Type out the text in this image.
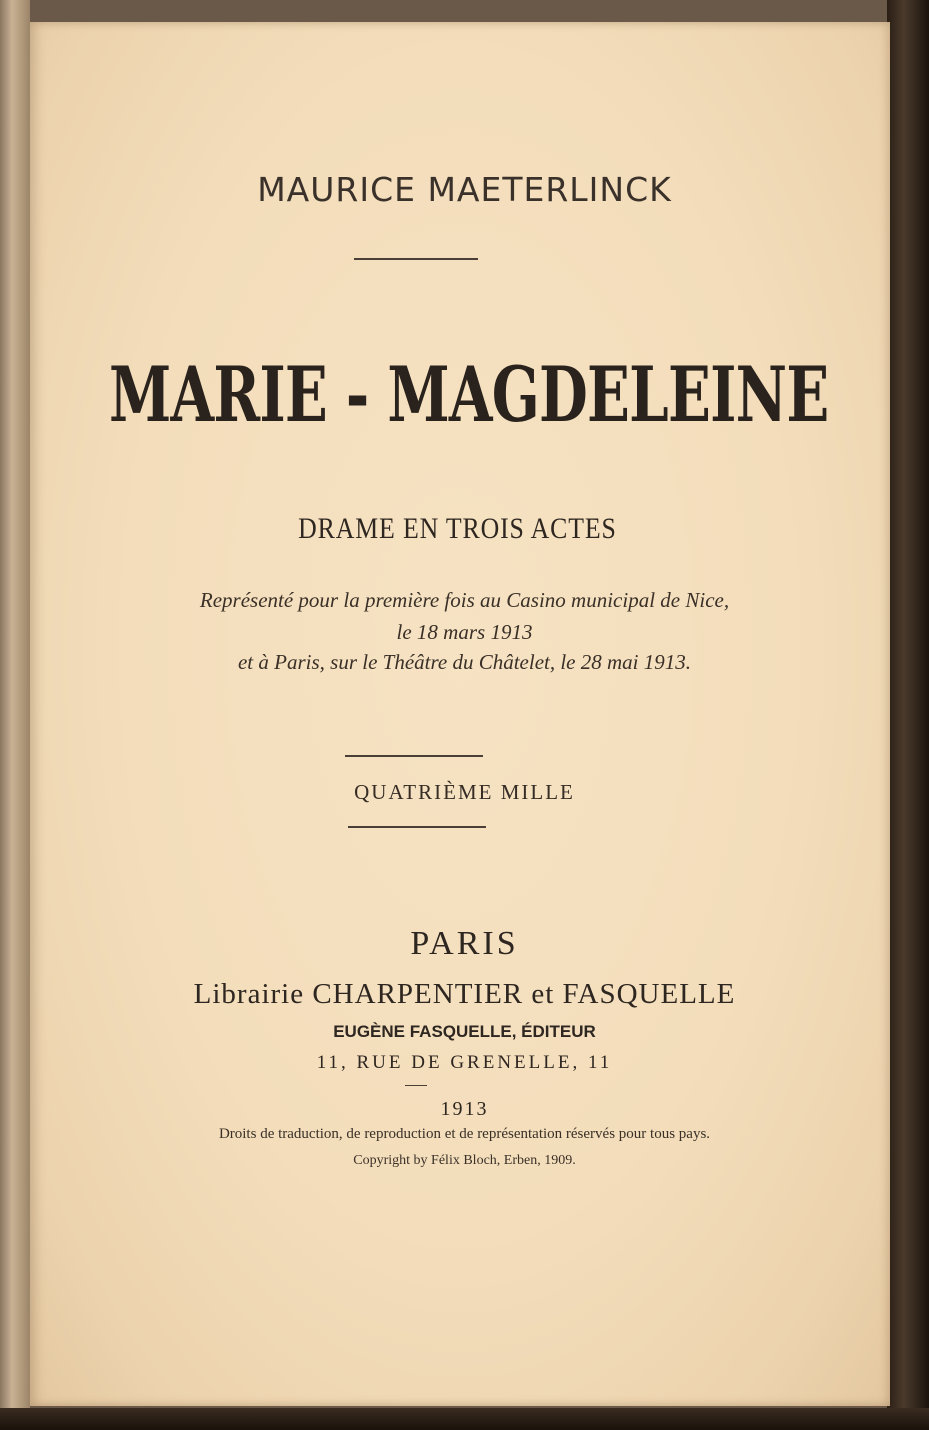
MAURICE MAETERLINCK
MARIE - MAGDELEINE
DRAME EN TROIS ACTES
Représenté pour la première fois au Casino municipal de Nice,
le 18 mars 1913
et à Paris, sur le Théâtre du Châtelet, le 28 mai 1913.
QUATRIÈME MILLE
PARIS
Librairie CHARPENTIER et FASQUELLE
EUGÈNE FASQUELLE, ÉDITEUR
11, RUE DE GRENELLE, 11
1913
Droits de traduction, de reproduction et de représentation réservés pour tous pays.
Copyright by Félix Bloch, Erben, 1909.
